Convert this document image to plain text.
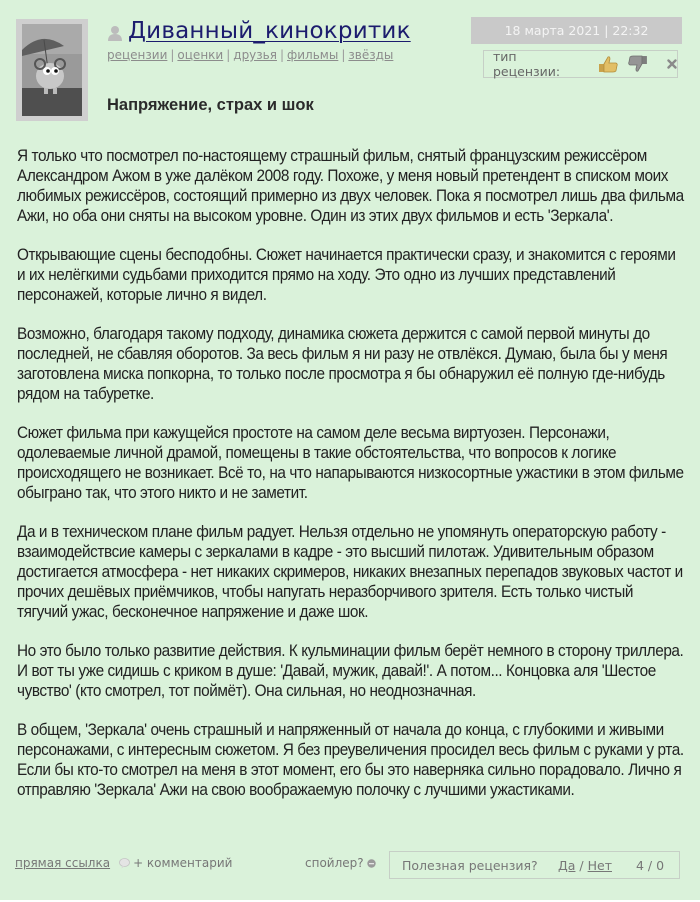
Диванный_кинокритик
рецензии | оценки | друзья | фильмы | звёзды
18 марта 2021 | 22:32
тип рецензии:
Напряжение, страх и шок

Я только что посмотрел по-настоящему страшный фильм, снятый французским режиссёром Александром Ажом в уже далёком 2008 году. Похоже, у меня новый претендент в списком моих любимых режиссёров, состоящий примерно из двух человек. Пока я посмотрел лишь два фильма Ажи, но оба они сняты на высоком уровне. Один из этих двух фильмов и есть 'Зеркала'.

Открывающие сцены бесподобны. Сюжет начинается практически сразу, и знакомится с героями и их нелёгкими судьбами приходится прямо на ходу. Это одно из лучших представлений персонажей, которые лично я видел.

Возможно, благодаря такому подходу, динамика сюжета держится с самой первой минуты до последней, не сбавляя оборотов. За весь фильм я ни разу не отвлёкся. Думаю, была бы у меня заготовлена миска попкорна, то только после просмотра я бы обнаружил её полную где-нибудь рядом на табуретке.

Сюжет фильма при кажущейся простоте на самом деле весьма виртуозен. Персонажи, одолеваемые личной драмой, помещены в такие обстоятельства, что вопросов к логике происходящего не возникает. Всё то, на что напарываются низкосортные ужастики в этом фильме обыграно так, что этого никто и не заметит.

Да и в техническом плане фильм радует. Нельзя отдельно не упомянуть операторскую работу - взаимодействсие камеры с зеркалами в кадре - это высший пилотаж. Удивительным образом достигается атмосфера - нет никаких скримеров, никаких внезапных перепадов звуковых частот и прочих дешёвых приёмчиков, чтобы напугать неразборчивого зрителя. Есть только чистый тягучий ужас, бесконечное напряжение и даже шок.

Но это было только развитие действия. К кульминации фильм берёт немного в сторону триллера. И вот ты уже сидишь с криком в душе: 'Давай, мужик, давай!'. А потом... Концовка аля 'Шестое чувство' (кто смотрел, тот поймёт). Она сильная, но неоднозначная.

В общем, 'Зеркала' очень страшный и напряженный от начала до конца, с глубокими и живыми персонажами, с интересным сюжетом. Я без преувеличения просидел весь фильм с руками у рта. Если бы кто-то смотрел на меня в этот момент, его бы это наверняка сильно порадовало. Лично я отправляю 'Зеркала' Ажи на свою воображаемую полочку с лучшими ужастиками.

прямая ссылка + комментарий	спойлер?	Полезная рецензия? Да / Нет 4 / 0
